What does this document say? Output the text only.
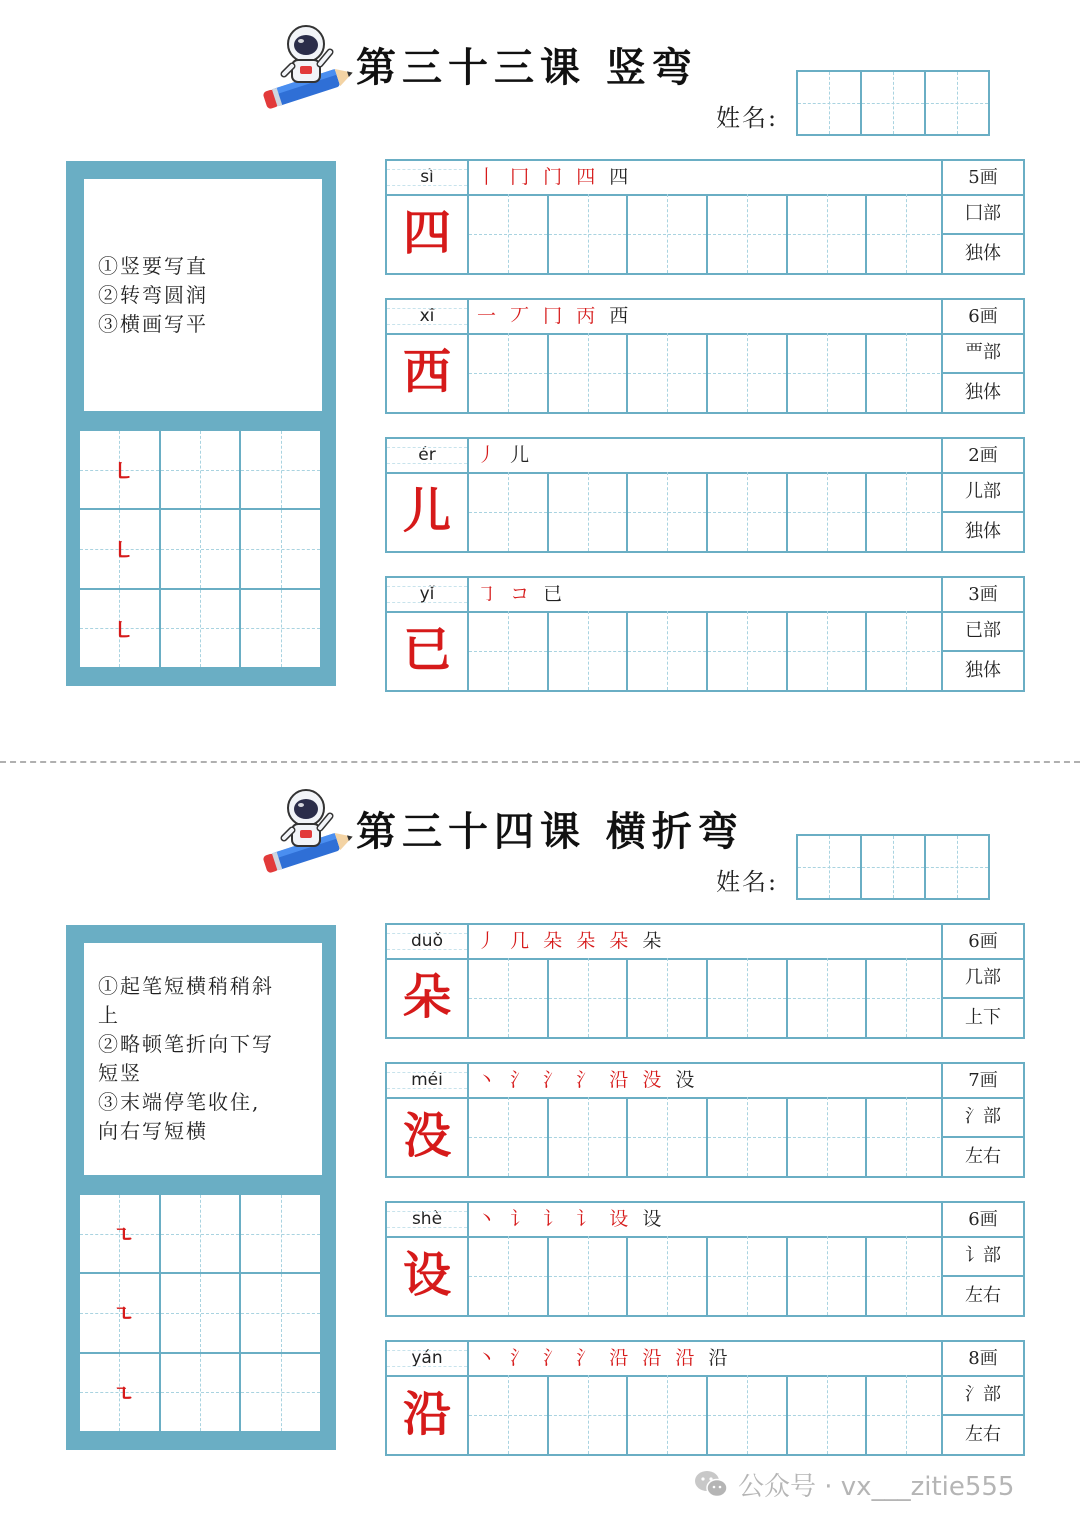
第三十三课 竖弯
姓名:
①竖要写直
②转弯圆润
③横画写平
㇄
㇄
㇄
sì	丨 冂 门 四 四	5画
四	囗部
独体
xī	一 丆 冂 丙 西	6画
西	覀部
独体
ér	丿 儿	2画
儿	儿部
独体
yǐ	㇆ コ 已	3画
已	已部
独体
第三十四课 横折弯
姓名:
①起笔短横稍稍斜
上
②略顿笔折向下写
短竖
③末端停笔收住,
向右写短横
㇍
㇍
㇍
duǒ	丿 几 朵 朵 朵 朵	6画
朵	几部
上下
méi	丶 氵 氵 氵 沿 没 没	7画
没	氵部
左右
shè	丶 讠 讠 讠 设 设	6画
设	讠部
左右
yán	丶 氵 氵 氵 沿 沿 沿 沿	8画
沿	氵部
左右
公众号 · vx___zitie555
